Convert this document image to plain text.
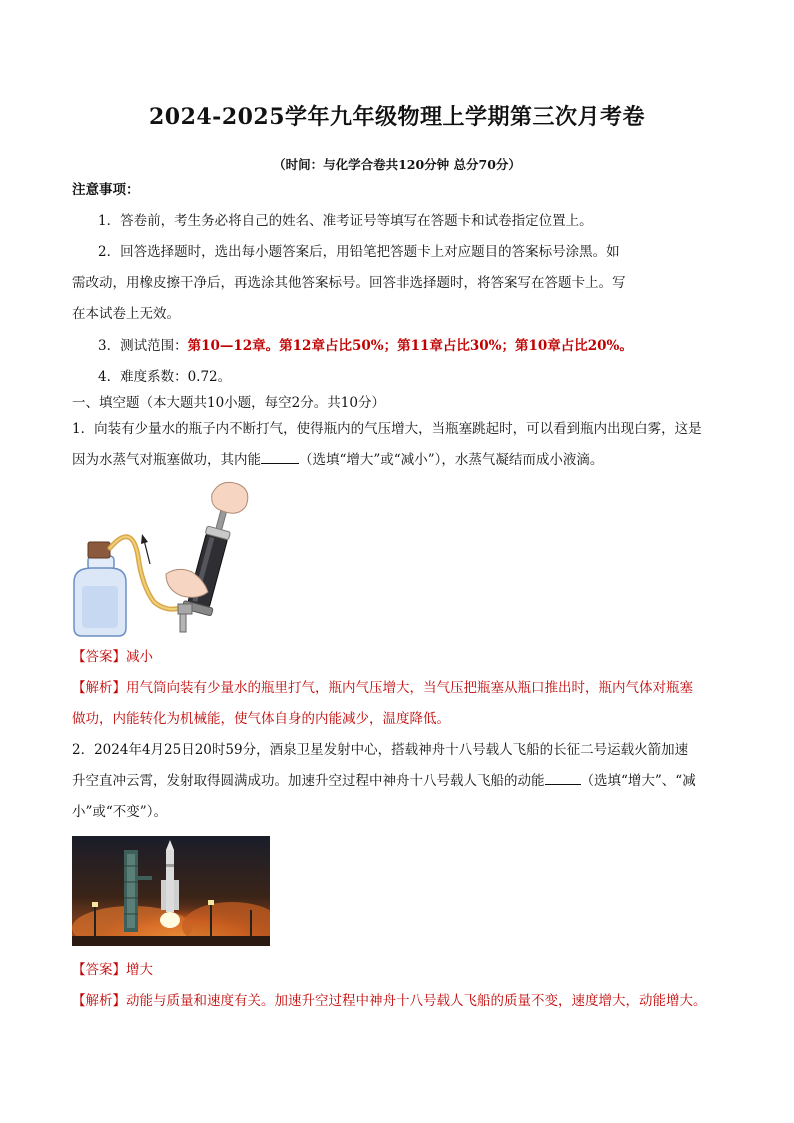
2024-2025学年九年级物理上学期第三次月考卷
（时间：与化学合卷共120分钟 总分70分）
注意事项：
1．答卷前，考生务必将自己的姓名、准考证号等填写在答题卡和试卷指定位置上。
2．回答选择题时，选出每小题答案后，用铅笔把答题卡上对应题目的答案标号涂黑。如
需改动，用橡皮擦干净后，再选涂其他答案标号。回答非选择题时，将答案写在答题卡上。写
在本试卷上无效。
3．测试范围：第10—12章。第12章占比50%；第11章占比30%；第10章占比20%。
4．难度系数：0.72。
一、填空题（本大题共10小题，每空2分。共10分）
1．向装有少量水的瓶子内不断打气，使得瓶内的气压增大，当瓶塞跳起时，可以看到瓶内出现白雾，这是
因为水蒸气对瓶塞做功，其内能	（选填“增大”或“减小”），水蒸气凝结而成小液滴。
【答案】减小
【解析】用气筒向装有少量水的瓶里打气，瓶内气压增大，当气压把瓶塞从瓶口推出时，瓶内气体对瓶塞
做功，内能转化为机械能，使气体自身的内能减少，温度降低。
2．2024年4月25日20时59分，酒泉卫星发射中心，搭载神舟十八号载人飞船的长征二号运载火箭加速
升空直冲云霄，发射取得圆满成功。加速升空过程中神舟十八号载人飞船的动能	（选填“增大”、“减
小”或“不变”）。
【答案】增大
【解析】动能与质量和速度有关。加速升空过程中神舟十八号载人飞船的质量不变，速度增大，动能增大。
